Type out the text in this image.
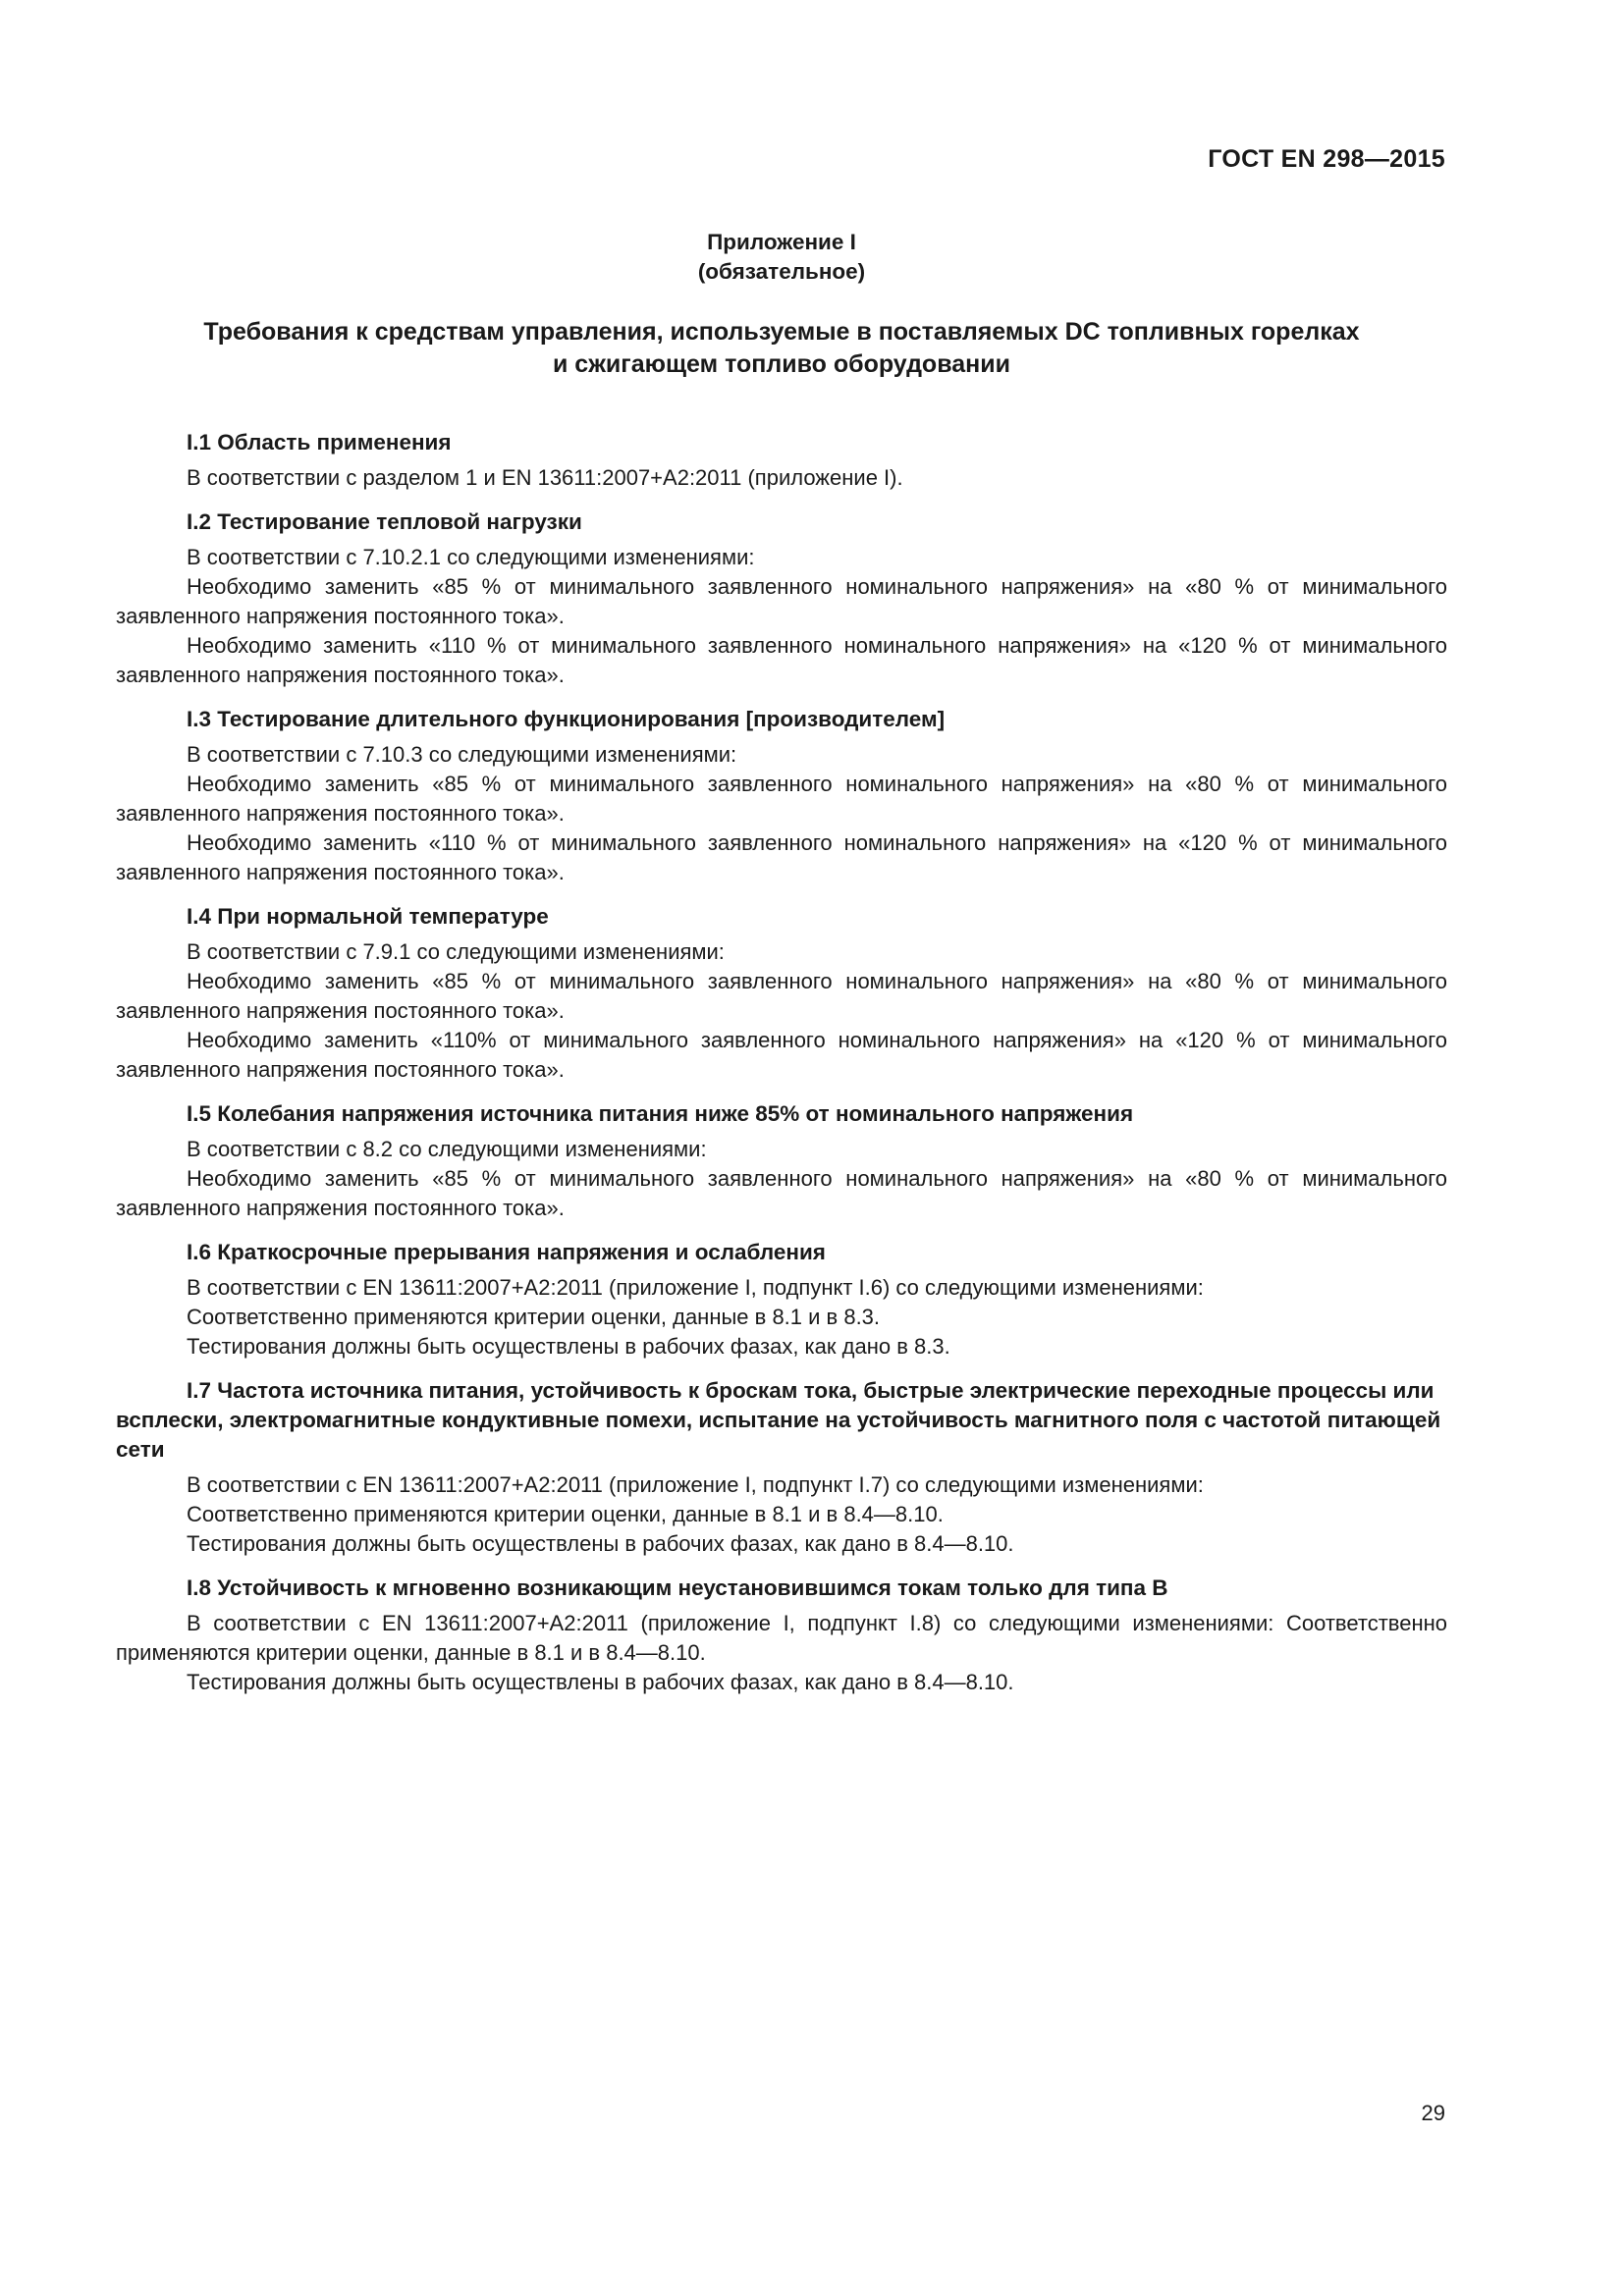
ГОСТ EN 298—2015
Приложение I
(обязательное)
Требования к средствам управления, используемые в поставляемых DC топливных горелках
и сжигающем топливо оборудовании
I.1 Область применения

В соответствии с разделом 1 и EN 13611:2007+A2:2011 (приложение I).

I.2 Тестирование тепловой нагрузки

В соответствии с 7.10.2.1 со следующими изменениями:

Необходимо заменить «85 % от минимального заявленного номинального напряжения» на «80 % от минимального заявленного напряжения постоянного тока».

Необходимо заменить «110 % от минимального заявленного номинального напряжения» на «120 % от минимального заявленного напряжения постоянного тока».

I.3 Тестирование длительного функционирования [производителем]

В соответствии с 7.10.3 со следующими изменениями:

Необходимо заменить «85 % от минимального заявленного номинального напряжения» на «80 % от минимального заявленного напряжения постоянного тока».

Необходимо заменить «110 % от минимального заявленного номинального напряжения» на «120 % от минимального заявленного напряжения постоянного тока».

I.4 При нормальной температуре

В соответствии с 7.9.1 со следующими изменениями:

Необходимо заменить «85 % от минимального заявленного номинального напряжения» на «80 % от минимального заявленного напряжения постоянного тока».

Необходимо заменить «110% от минимального заявленного номинального напряжения» на «120 % от минимального заявленного напряжения постоянного тока».

I.5 Колебания напряжения источника питания ниже 85% от номинального напряжения

В соответствии с 8.2 со следующими изменениями:

Необходимо заменить «85 % от минимального заявленного номинального напряжения» на «80 % от минимального заявленного напряжения постоянного тока».

I.6 Краткосрочные прерывания напряжения и ослабления

В соответствии с EN 13611:2007+A2:2011 (приложение I, подпункт I.6) со следующими изменениями:

Соответственно применяются критерии оценки, данные в 8.1 и в 8.3.

Тестирования должны быть осуществлены в рабочих фазах, как дано в 8.3.

I.7 Частота источника питания, устойчивость к броскам тока, быстрые электрические переходные процессы или всплески, электромагнитные кондуктивные помехи, испытание на устойчивость магнитного поля с частотой питающей сети

В соответствии с EN 13611:2007+A2:2011 (приложение I, подпункт I.7) со следующими изменениями:

Соответственно применяются критерии оценки, данные в 8.1 и в 8.4—8.10.

Тестирования должны быть осуществлены в рабочих фазах, как дано в 8.4—8.10.

I.8 Устойчивость к мгновенно возникающим неустановившимся токам только для типа В

В соответствии с EN 13611:2007+A2:2011 (приложение I, подпункт I.8) со следующими изменениями: Соответственно применяются критерии оценки, данные в 8.1 и в 8.4—8.10.

Тестирования должны быть осуществлены в рабочих фазах, как дано в 8.4—8.10.

29
